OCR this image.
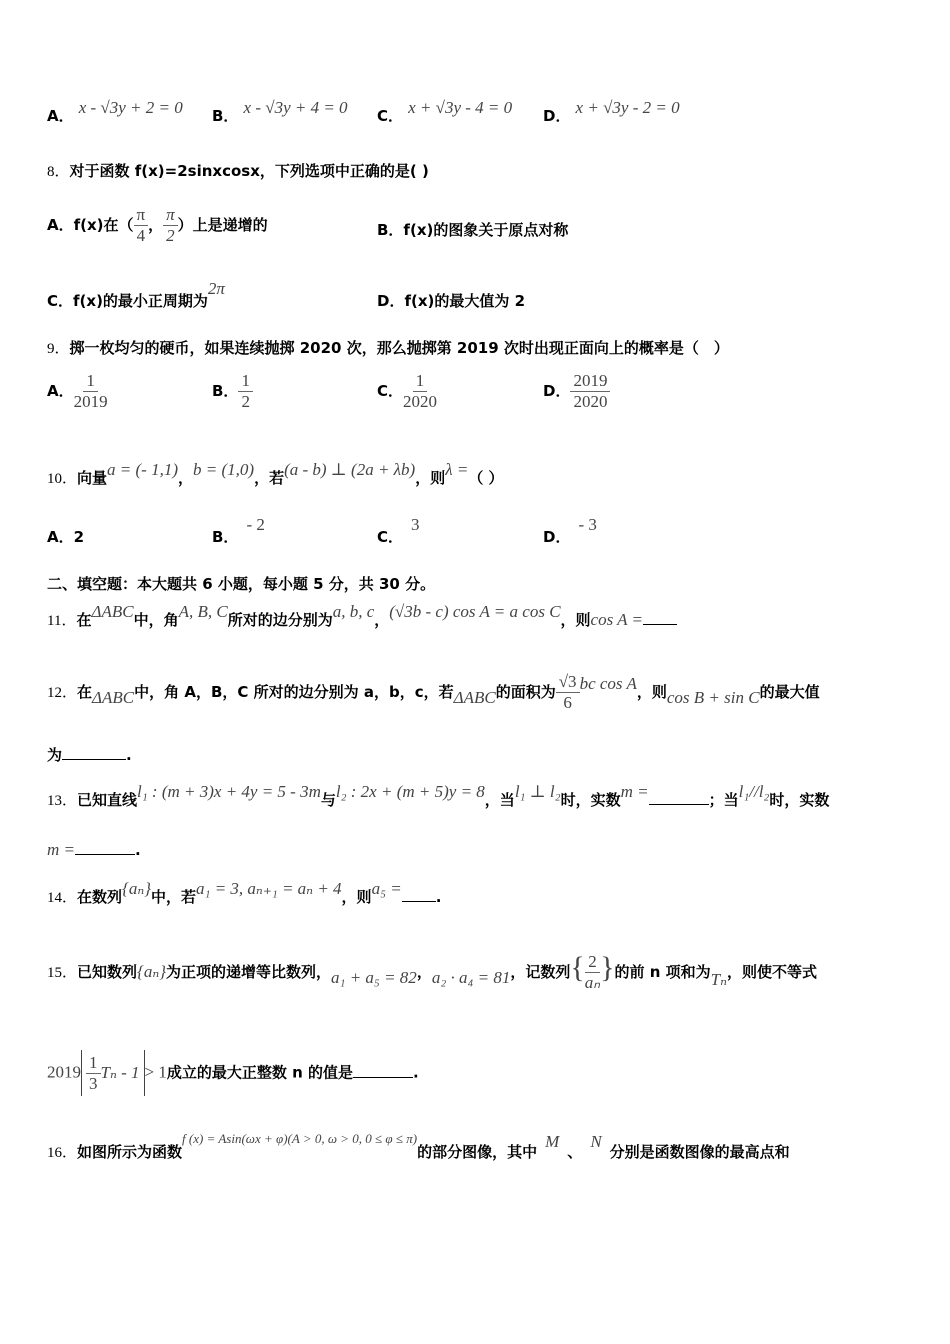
A． x - √3y + 2 = 0 B． x - √3y + 4 = 0 C． x + √3y - 4 = 0 D． x + √3y - 2 = 0
8．对于函数 f(x)=2sinxcosx，下列选项中正确的是( )
A．f(x)在（ $\frac{\pi}{4}$ ， $\frac{\pi}{2}$ ）上是递增的	B．f(x)的图象关于原点对称
C．f(x)的最小正周期为2π
D．f(x)的最大值为 2
9．掷一枚均匀的硬币，如果连续抛掷 2020 次，那么抛掷第 2019 次时出现正面向上的概率是（　）
A． $\frac{1}{2019}$	B． $\frac{1}{2}$	C． $\frac{1}{2020}$	D． $\frac{2019}{2020}$
10．向量a = (- 1,1)，b = (1,0)，若(a - b) ⊥ (2a + λb)，则λ =（ ）
A．2	B．- 2
C．3
D．- 3
二、填空题：本大题共 6 小题，每小题 5 分，共 30 分。
11．在ΔABC中，角A, B, C所对的边分别为a, b, c，(√3b - c) cos A = a cos C，则cos A =
12．在ΔABC中，角 A，B，C 所对的边分别为 a，b，c，若ΔABC的面积为 $\frac{√3}{6}$ bc cos A，则cos B + sin C的最大值
为	.
13．已知直线l₁ : (m + 3)x + 4y = 5 - 3m与l₂ : 2x + (m + 5)y = 8，当l₁ ⊥ l₂时，实数m =	；当l₁//l₂时，实数
m =	.
14．在数列{aₙ}中，若a₁ = 3, aₙ₊₁ = aₙ + 4，则a₅ = .
15．已知数列{aₙ}为正项的递增等比数列，a₁ + a₅ = 82，a₂ · a₄ = 81，记数列{ $\frac{2}{\text{aₙ}}$ }的前 n 项和为Tₙ，则使不等式
$2019 \frac{1}{3}$ Tₙ - 1 > 1成立的最大正整数 n 的值是	.
16．如图所示为函数f (x) = Asin(ωx + φ)(A > 0, ω > 0, 0 ≤ φ ≤ π)的部分图像，其中M、N分别是函数图像的最高点和
